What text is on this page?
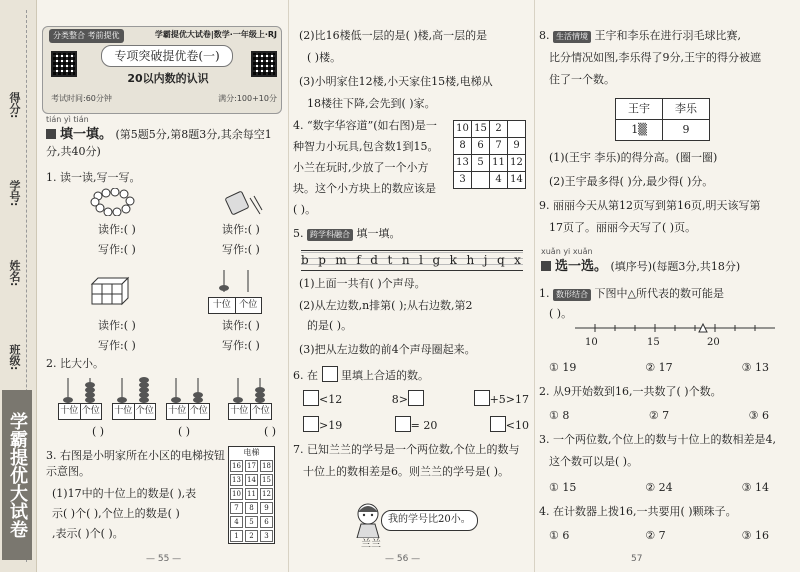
得分:
学号:
姓名:
班级:
学霸提优大试卷
分类整合 考前提优	学霸提优大试卷|数学·一年级上·RJ
专项突破提优卷(一)
20以内数的认识
考试时间:60分钟	满分:100+10分
tián yì tián
填一填。 (第5题5分,第8题3分,其余每空1分,共40分)
1. 读一读,写一写。
读作:( )
写作:( )
读作:( )
写作:( )
十位 个位
读作:( )
写作:( )
读作:( )
写作:( )
2. 比大小。
十位 个位 十位 个位 十位 个位 十位 个位
( )	( )	( )
3. 右图是小明家所在小区的电梯按钮示意图。
(1)17中的十位上的数是( ),表
示( )个( ),个位上的数是( )
,表示( )个( )。
电梯
16 17 18
13 14 15
10 11 12
7	8	9
4	5	6
1	2	3
— 55 —
(2)比16楼低一层的是( )楼,高一层的是
( )楼。
(3)小明家住12楼,小天家住15楼,电梯从
18楼往下降,会先到( )家。
4. “数字华容道”(如右图)是一
种智力小玩具,包含数1到15。
小兰在玩时,少放了一个小方
块。这个小方块上的数应该是
( )。
10	15	2	
8	6	7	9
13	5	11	12
3		4	14
5. 跨学科融合 填一填。
b p m f d t n l g k h j q x
(1)上面一共有( )个声母。
(2)从左边数,n排第( );从右边数,第2
的是( )。
(3)把从左边数的前4个声母圈起来。
6. 在 里填上合适的数。
<12	8>	+5>17
>19	= 20	<10
7. 已知兰兰的学号是一个两位数,个位上的数与
十位上的数相差是6。则兰兰的学号是( )。
我的学号比20小。
兰兰
— 56 —
8. 生活情境 王宇和李乐在进行羽毛球比赛,
比分情况如图,李乐得了9分,王宇的得分被遮
住了一个数。
王宇	李乐
1▒	9
(1)(王宇 李乐)的得分高。(圈一圈)
(2)王宇最多得( )分,最少得( )分。
9. 丽丽今天从第12页写到第16页,明天该写第
17页了。丽丽今天写了( )页。
xuǎn yi xuǎn
选一选。 (填序号)(每题3分,共18分)
1. 数形结合 下图中△所代表的数可能是
( )。
10	15	20
① 19	② 17	③ 13
2. 从9开始数到16,一共数了( )个数。
① 8	② 7	③ 6
3. 一个两位数,个位上的数与十位上的数相差是4,
这个数可以是( )。
① 15	② 24	③ 14
4. 在计数器上拨16,一共要用( )颗珠子。
① 6	② 7	③ 16
57
